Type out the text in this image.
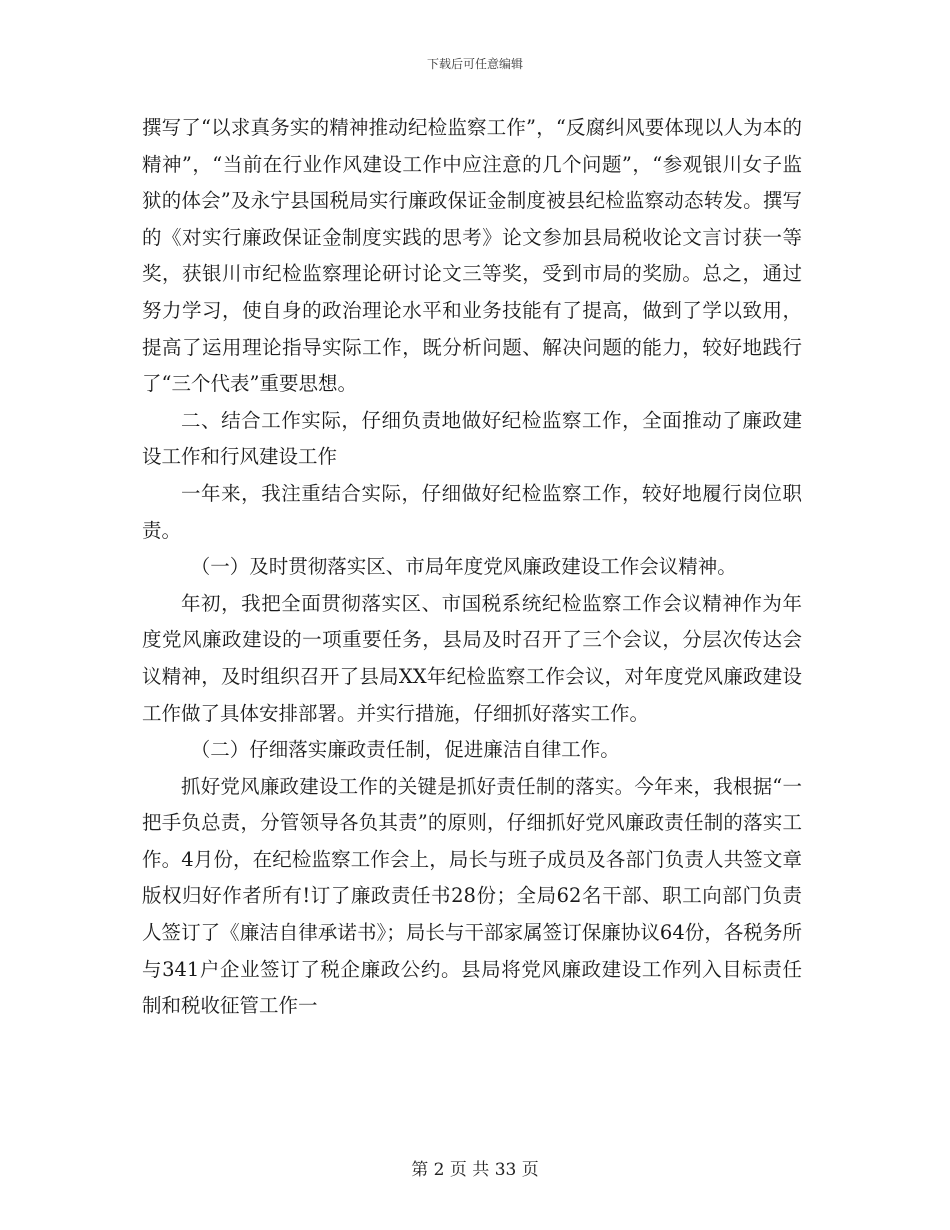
下载后可任意编辑

撰写了“以求真务实的精神推动纪检监察工作”，“反腐纠风要体现以人为本的精神”，“当前在行业作风建设工作中应注意的几个问题”，“参观银川女子监狱的体会”及永宁县国税局实行廉政保证金制度被县纪检监察动态转发。撰写的《对实行廉政保证金制度实践的思考》论文参加县局税收论文言讨获一等奖，获银川市纪检监察理论研讨论文三等奖，受到市局的奖励。总之，通过努力学习，使自身的政治理论水平和业务技能有了提高，做到了学以致用，提高了运用理论指导实际工作，既分析问题、解决问题的能力，较好地践行了“三个代表”重要思想。

二、结合工作实际，仔细负责地做好纪检监察工作，全面推动了廉政建设工作和行风建设工作

一年来，我注重结合实际，仔细做好纪检监察工作，较好地履行岗位职责。

（一）及时贯彻落实区、市局年度党风廉政建设工作会议精神。

年初，我把全面贯彻落实区、市国税系统纪检监察工作会议精神作为年度党风廉政建设的一项重要任务，县局及时召开了三个会议，分层次传达会议精神，及时组织召开了县局XX年纪检监察工作会议，对年度党风廉政建设工作做了具体安排部署。并实行措施，仔细抓好落实工作。

（二）仔细落实廉政责任制，促进廉洁自律工作。

抓好党风廉政建设工作的关键是抓好责任制的落实。今年来，我根据“一把手负总责，分管领导各负其责”的原则，仔细抓好党风廉政责任制的落实工作。4月份，在纪检监察工作会上，局长与班子成员及各部门负责人共签文章版权归好作者所有!订了廉政责任书28份；全局62名干部、职工向部门负责人签订了《廉洁自律承诺书》；局长与干部家属签订保廉协议64份，各税务所与341户企业签订了税企廉政公约。县局将党风廉政建设工作列入目标责任制和税收征管工作一

第 2 页 共 33 页
